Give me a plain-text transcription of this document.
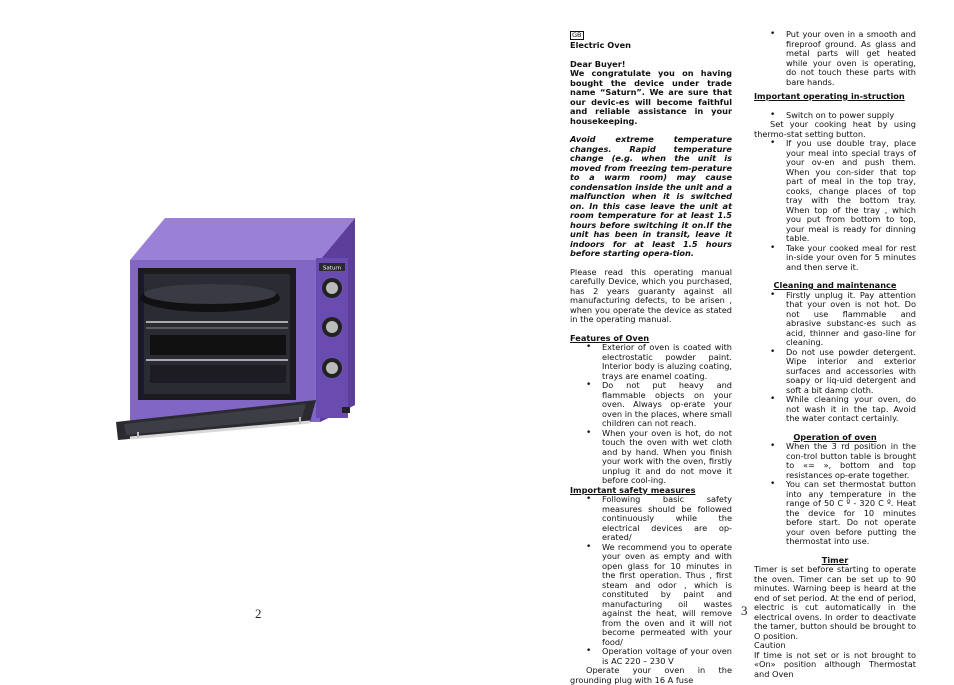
Saturn
2	3
GB
Electric Oven
Dear Buyer!
We congratulate you on having bought the device under trade name “Saturn”. We are sure that our devic-es will become faithful and reliable assistance in your housekeeping.
Avoid extreme temperature changes. Rapid temperature change (e.g. when the unit is moved from freezing tem-perature to a warm room) may cause condensation inside the unit and a malfunction when it is switched on. In this case leave the unit at room temperature for at least 1.5 hours before switching it on.If the unit has been in transit, leave it indoors for at least 1.5 hours before starting opera-tion.
Please read this operating manual carefully Device, which you purchased, has 2 years guaranty against all manufacturing defects, to be arisen , when you operate the device as stated in the operating manual.
Features of Oven
• Exterior of oven is coated with electrostatic powder paint. Interior body is aluzing coating, trays are enamel coating.
• Do not put heavy and flammable objects on your oven. Always op-erate your oven in the places, where small children can not reach.
• When your oven is hot, do not touch the oven with wet cloth and by hand. When you finish your work with the oven, firstly unplug it and do not move it before cool-ing.
Important safety measures
• Following basic safety measures should be followed continuously while the electrical devices are op-erated/
• We recommend you to operate your oven as empty and with open glass for 10 minutes in the first operation. Thus , first steam and odor , which is constituted by paint and manufacturing oil wastes against the heat, will remove from the oven and it will not become permeated with your food/
• Operation voltage of your oven is AC 220 – 230 V
Operate your oven in the grounding plug with 16 A fuse
• Put your oven in a smooth and fireproof ground. As glass and metal parts will get heated while your oven is operating, do not touch these parts with bare hands.
Important operating in-struction
• Switch on to power supply
Set your cooking heat by using thermo-stat setting button.
• If you use double tray, place your meal into special trays of your ov-en and push them. When you con-sider that top part of meal in the top tray, cooks, change places of top tray with the bottom tray. When top of the tray , which you put from bottom to top, your meal is ready for dinning table.
• Take your cooked meal for rest in-side your oven for 5 minutes and then serve it.
Cleaning and maintenance
• Firstly unplug it. Pay attention that your oven is not hot. Do not use flammable and abrasive substanc-es such as acid, thinner and gaso-line for cleaning.
• Do not use powder detergent. Wipe interior and exterior surfaces and accessories with soapy or liq-uid detergent and soft a bit damp cloth.
• While cleaning your oven, do not wash it in the tap. Avoid the water contact certainly.
Operation of oven
• When the 3 rd position in the con-trol button table is brought to «= », bottom and top resistances op-erate together.
• You can set thermostat button into any temperature in the range of 50 C º - 320 C º. Heat the device for 10 minutes before start. Do not operate your oven before putting the thermostat into use.
Timer
Timer is set before starting to operate the oven. Timer can be set up to 90 minutes. Warning beep is heard at the end of set period. At the end of period, electric is cut automatically in the electrical ovens. In order to deactivate the tamer, button should be brought to O position.
Caution
If time is not set or is not brought to «On» position although Thermostat and Oven
